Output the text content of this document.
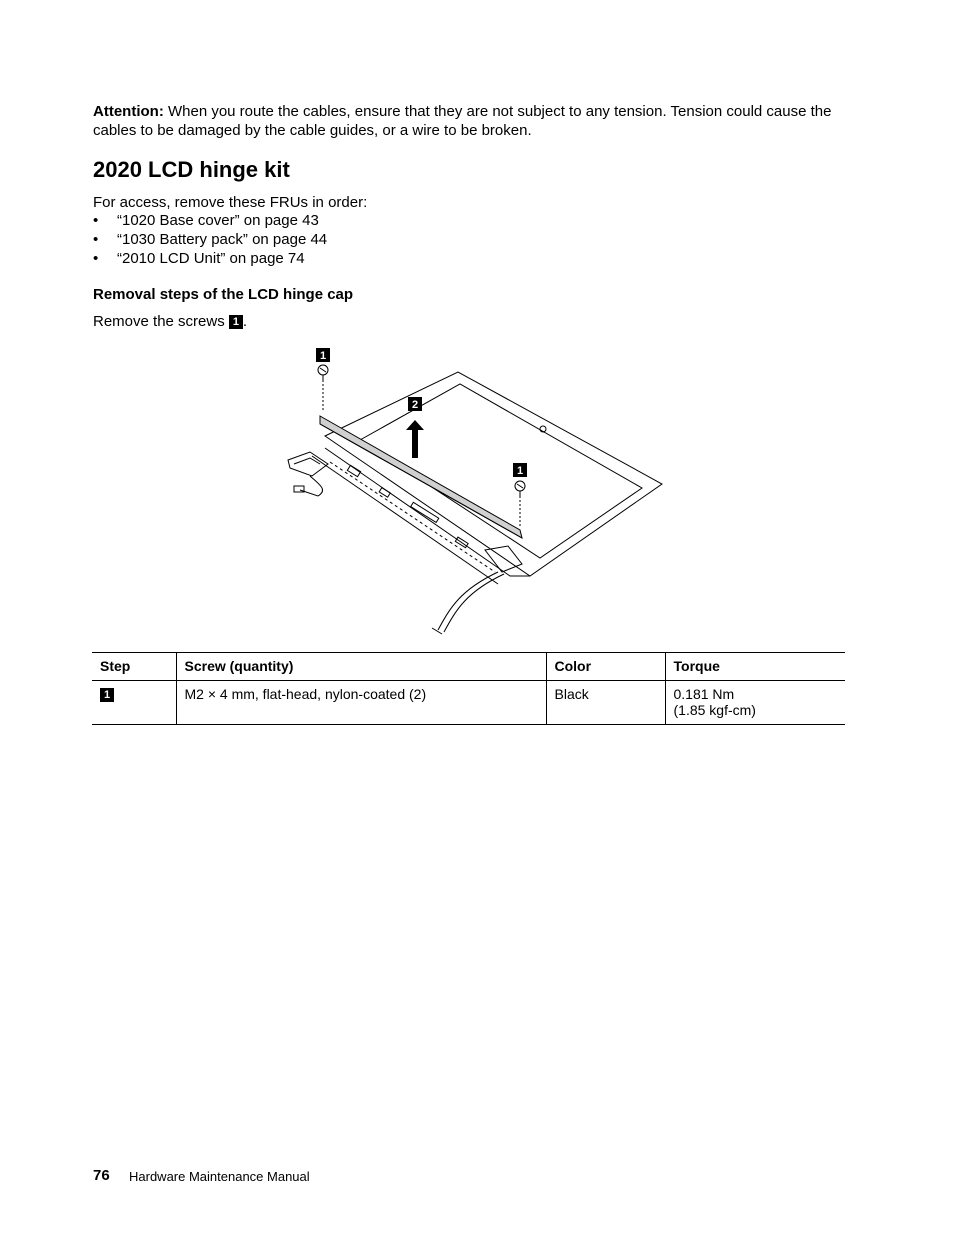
Attention: When you route the cables, ensure that they are not subject to any tension. Tension could cause the cables to be damaged by the cable guides, or a wire to be broken.
2020 LCD hinge kit
For access, remove these FRUs in order:
• “1020 Base cover” on page 43
• “1030 Battery pack” on page 44
• “2010 LCD Unit” on page 74
Removal steps of the LCD hinge cap
Remove the screws 1 .
1
2
1
Step	Screw (quantity)	Color	Torque
1	M2 × 4 mm, flat-head, nylon-coated (2)	Black	0.181 Nm
(1.85 kgf-cm)
76 Hardware Maintenance Manual
